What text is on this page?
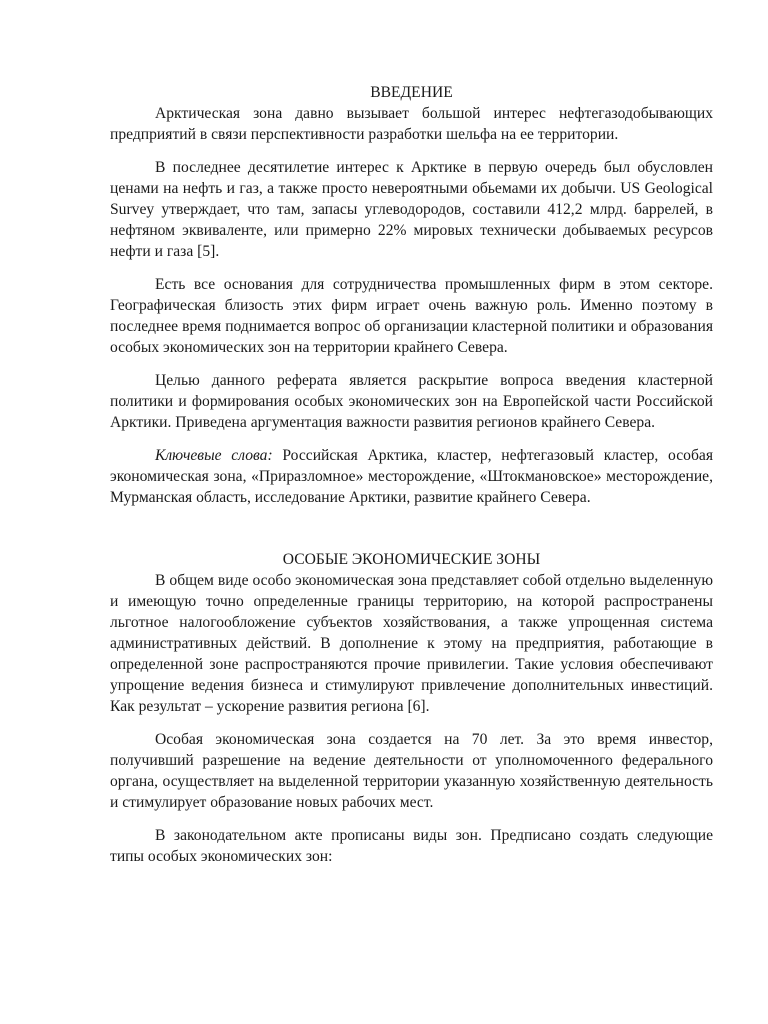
ВВЕДЕНИЕ

Арктическая зона давно вызывает большой интерес нефтегазодобывающих предприятий в связи перспективности разработки шельфа на ее территории.

В последнее десятилетие интерес к Арктике в первую очередь был обусловлен ценами на нефть и газ, а также просто невероятными обьемами их добычи. US Geological Survey утверждает, что там, запасы углеводородов, составили 412,2 млрд. баррелей, в нефтяном эквиваленте, или примерно 22% мировых технически добываемых ресурсов нефти и газа [5].

Есть все основания для сотрудничества промышленных фирм в этом секторе. Географическая близость этих фирм играет очень важную роль. Именно поэтому в последнее время поднимается вопрос об организации кластерной политики и образования особых экономических зон на территории крайнего Севера.

Целью данного реферата является раскрытие вопроса введения кластерной политики и формирования особых экономических зон на Европейской части Российской Арктики. Приведена аргументация важности развития регионов крайнего Севера.

Ключевые слова: Российская Арктика, кластер, нефтегазовый кластер, особая экономическая зона, «Приразломное» месторождение, «Штокмановское» месторождение, Мурманская область, исследование Арктики, развитие крайнего Севера.

ОСОБЫЕ ЭКОНОМИЧЕСКИЕ ЗОНЫ

В общем виде особо экономическая зона представляет собой отдельно выделенную и имеющую точно определенные границы территорию, на которой распространены льготное налогообложение субъектов хозяйствования, а также упрощенная система административных действий. В дополнение к этому на предприятия, работающие в определенной зоне распространяются прочие привилегии. Такие условия обеспечивают упрощение ведения бизнеса и стимулируют привлечение дополнительных инвестиций. Как результат – ускорение развития региона [6].

Особая экономическая зона создается на 70 лет. За это время инвестор, получивший разрешение на ведение деятельности от уполномоченного федерального органа, осуществляет на выделенной территории указанную хозяйственную деятельность и стимулирует образование новых рабочих мест.

В законодательном акте прописаны виды зон. Предписано создать следующие типы особых экономических зон:
